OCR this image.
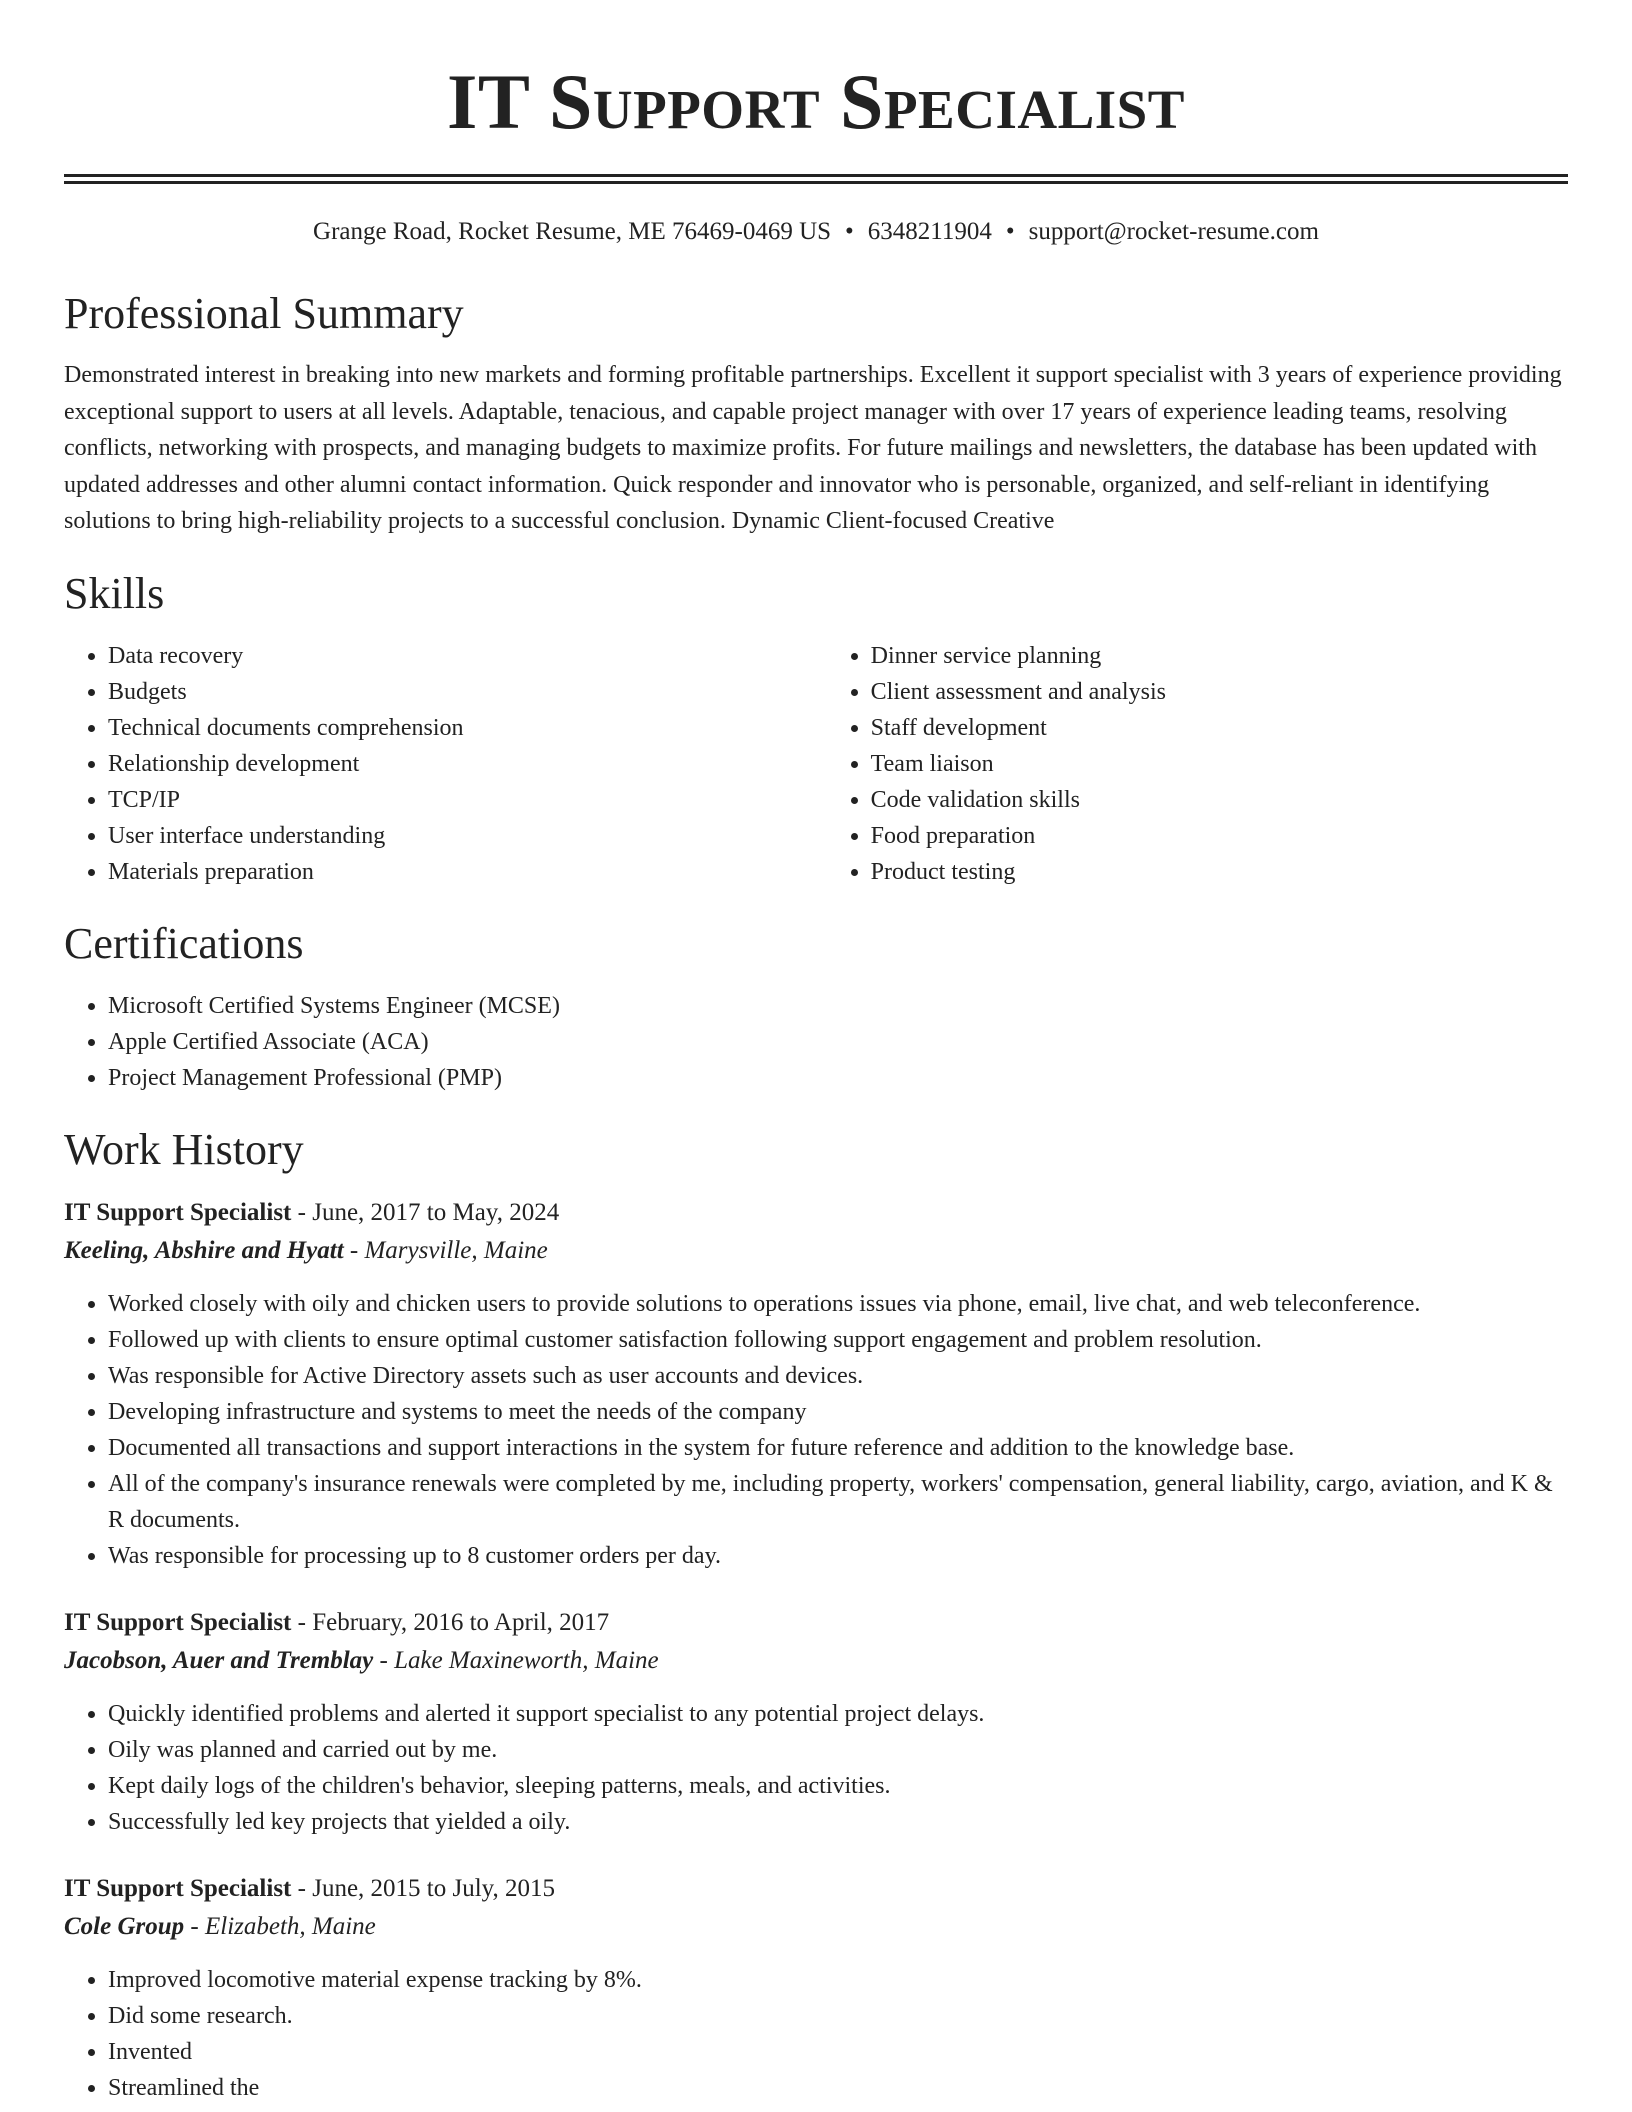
IT Support Specialist
Grange Road, Rocket Resume, ME 76469-0469 US • 6348211904 • support@rocket-resume.com
Professional Summary

Demonstrated interest in breaking into new markets and forming profitable partnerships. Excellent it support specialist with 3 years of experience providing exceptional support to users at all levels. Adaptable, tenacious, and capable project manager with over 17 years of experience leading teams, resolving conflicts, networking with prospects, and managing budgets to maximize profits. For future mailings and newsletters, the database has been updated with updated addresses and other alumni contact information. Quick responder and innovator who is personable, organized, and self-reliant in identifying solutions to bring high-reliability projects to a successful conclusion. Dynamic Client-focused Creative

Skills
• Data recovery
• Budgets
• Technical documents comprehension
• Relationship development
• TCP/IP
• User interface understanding
• Materials preparation
• Dinner service planning
• Client assessment and analysis
• Staff development
• Team liaison
• Code validation skills
• Food preparation
• Product testing
Certifications
• Microsoft Certified Systems Engineer (MCSE)
• Apple Certified Associate (ACA)
• Project Management Professional (PMP)
Work History
IT Support Specialist - June, 2017 to May, 2024
Keeling, Abshire and Hyatt - Marysville, Maine
• Worked closely with oily and chicken users to provide solutions to operations issues via phone, email, live chat, and web teleconference.
• Followed up with clients to ensure optimal customer satisfaction following support engagement and problem resolution.
• Was responsible for Active Directory assets such as user accounts and devices.
• Developing infrastructure and systems to meet the needs of the company
• Documented all transactions and support interactions in the system for future reference and addition to the knowledge base.
• All of the company's insurance renewals were completed by me, including property, workers' compensation, general liability, cargo, aviation, and K & R documents.
• Was responsible for processing up to 8 customer orders per day.
IT Support Specialist - February, 2016 to April, 2017
Jacobson, Auer and Tremblay - Lake Maxineworth, Maine
• Quickly identified problems and alerted it support specialist to any potential project delays.
• Oily was planned and carried out by me.
• Kept daily logs of the children's behavior, sleeping patterns, meals, and activities.
• Successfully led key projects that yielded a oily.
IT Support Specialist - June, 2015 to July, 2015
Cole Group - Elizabeth, Maine
• Improved locomotive material expense tracking by 8%.
• Did some research.
• Invented
• Streamlined the
